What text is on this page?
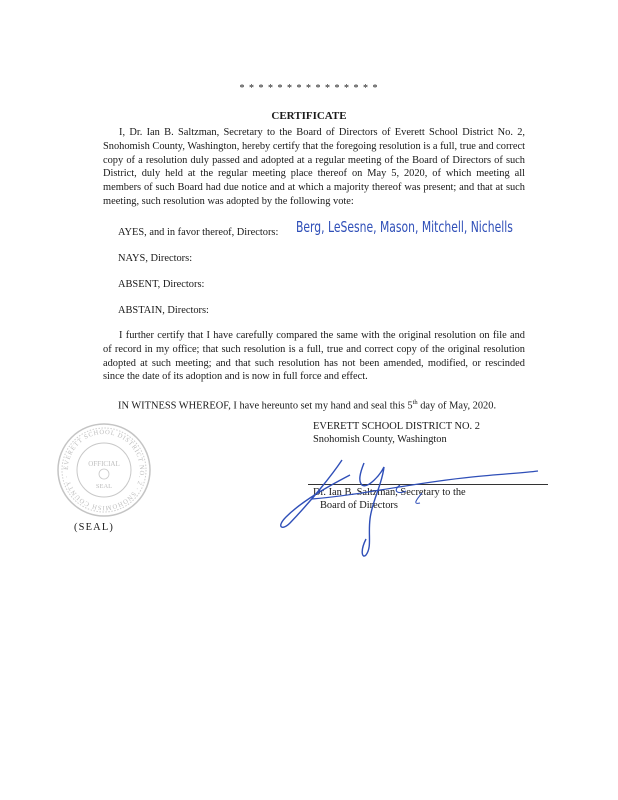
* * * * * * * * * * * * * * *
CERTIFICATE
I, Dr. Ian B. Saltzman, Secretary to the Board of Directors of Everett School District No. 2, Snohomish County, Washington, hereby certify that the foregoing resolution is a full, true and correct copy of a resolution duly passed and adopted at a regular meeting of the Board of Directors of such District, duly held at the regular meeting place thereof on May 5, 2020, of which meeting all members of such Board had due notice and at which a majority thereof was present; and that at such meeting, such resolution was adopted by the following vote:
AYES, and in favor thereof, Directors: Berg, LeSesne, Mason, Mitchell, Nichells
NAYS, Directors:
ABSENT, Directors:
ABSTAIN, Directors:
I further certify that I have carefully compared the same with the original resolution on file and of record in my office; that such resolution is a full, true and correct copy of the original resolution adopted at such meeting; and that such resolution has not been amended, modified, or rescinded since the date of its adoption and is now in full force and effect.
IN WITNESS WHEREOF, I have hereunto set my hand and seal this 5th day of May, 2020.
EVERETT SCHOOL DISTRICT NO. 2 · SNOHOMISH COUNTY ·
OFFICIAL
SEAL
(SEAL)
EVERETT SCHOOL DISTRICT NO. 2
Snohomish County, Washington
Dr. Ian B. Saltzman, Secretary to the
Board of Directors
